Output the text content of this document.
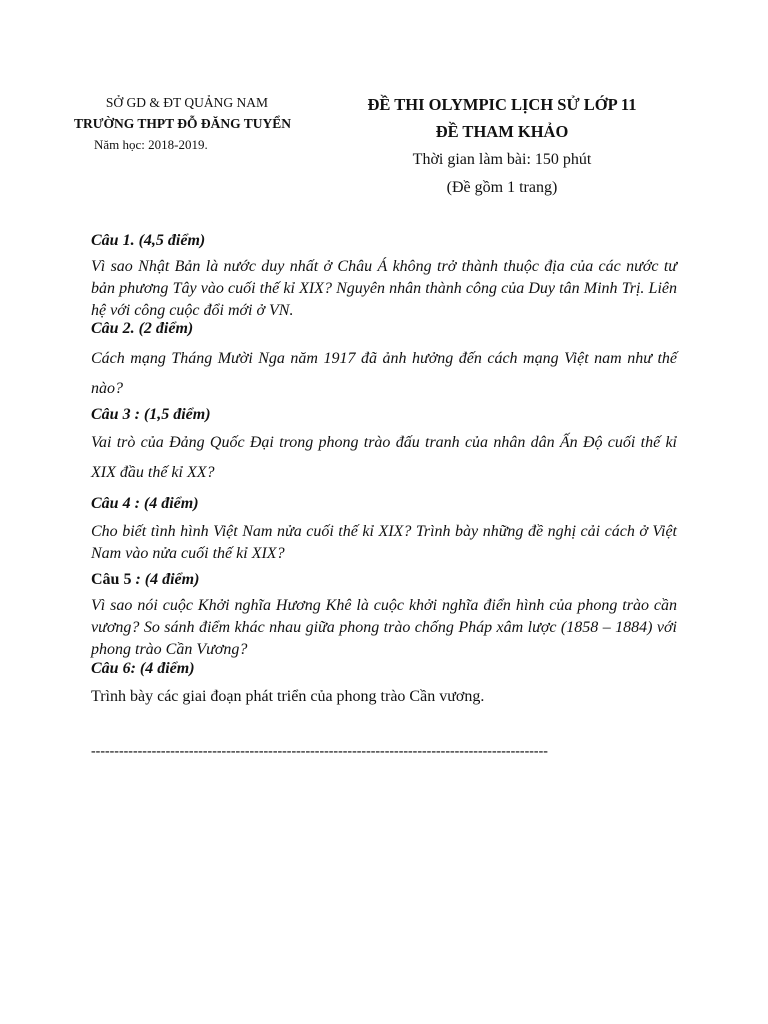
SỞ GD & ĐT QUẢNG NAM
TRƯỜNG THPT ĐỖ ĐĂNG TUYỂN
Năm học: 2018-2019.
ĐỀ THI OLYMPIC LỊCH SỬ LỚP 11
ĐỀ THAM KHẢO
Thời gian làm bài: 150 phút
(Đề gồm 1 trang)
Câu 1. (4,5 điểm)
Vì sao Nhật Bản là nước duy nhất ở Châu Á không trở thành thuộc địa của các nước tư bản phương Tây vào cuối thế kỉ XIX? Nguyên nhân thành công của Duy tân Minh Trị. Liên hệ với công cuộc đổi mới ở VN.
Câu 2. (2 điểm)
Cách mạng Tháng Mười Nga năm 1917 đã ảnh hưởng đến cách mạng Việt nam như thế nào?
Câu 3 : (1,5 điểm)
Vai trò của Đảng Quốc Đại trong phong trào đấu tranh của nhân dân Ấn Độ cuối thế kỉ XIX đầu thế kỉ XX?
Câu 4 : (4 điểm)
Cho biết tình hình Việt Nam nửa cuối thế kỉ XIX? Trình bày những đề nghị cải cách ở Việt Nam vào nửa cuối thế kỉ XIX?
Câu 5 : (4 điểm)
Vì sao nói cuộc Khởi nghĩa Hương Khê là cuộc khởi nghĩa điển hình của phong trào cần vương? So sánh điểm khác nhau giữa phong trào chống Pháp xâm lược (1858 – 1884) với phong trào Cần Vương?
Câu 6: (4 điểm)
Trình bày các giai đoạn phát triển của phong trào Cần vương.
--------------------------------------------------------------------------------------------------
